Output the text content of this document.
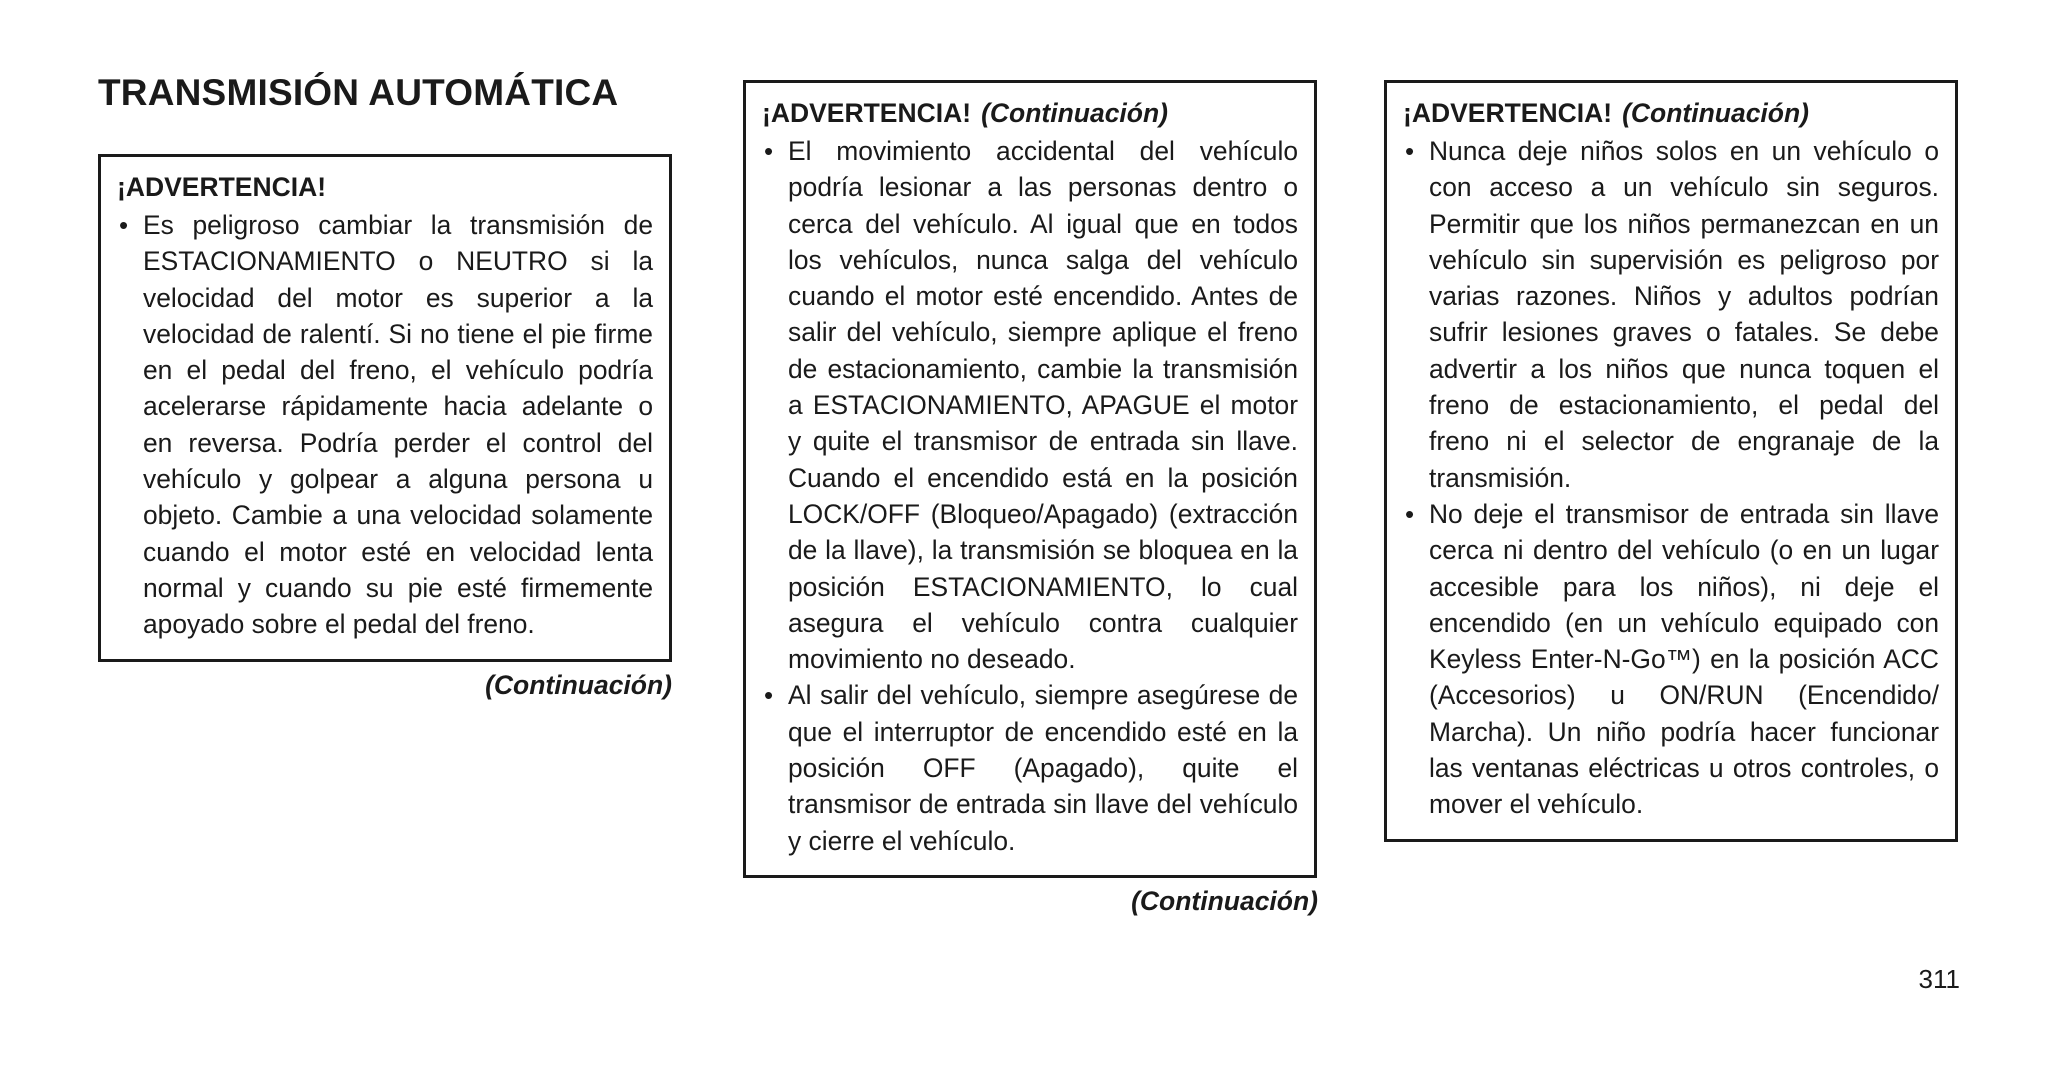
TRANSMISIÓN AUTOMÁTICA
¡ADVERTENCIA!
• Es peligroso cambiar la transmisión de ESTACIONAMIENTO o NEUTRO si la velocidad del motor es superior a la velocidad de ralentí. Si no tiene el pie firme en el pedal del freno, el vehículo podría acelerarse rápidamente hacia adelante o en reversa. Podría perder el control del vehículo y golpear a alguna persona u objeto. Cambie a una velocidad solamente cuando el motor esté en velocidad lenta normal y cuando su pie esté firmemente apoyado sobre el pedal del freno.
(Continuación)
¡ADVERTENCIA! (Continuación)
• El movimiento accidental del vehículo podría lesionar a las personas dentro o cerca del vehículo. Al igual que en todos los vehículos, nunca salga del vehículo cuando el motor esté encendido. Antes de salir del vehículo, siempre aplique el freno de estacionamiento, cambie la transmisión a ESTACIONAMIENTO, APAGUE el motor y quite el transmisor de entrada sin llave. Cuando el encendido está en la posición LOCK/OFF (Bloqueo/Apagado) (extracción de la llave), la transmisión se bloquea en la posición ESTACIONAMIENTO, lo cual asegura el vehículo contra cualquier movimiento no deseado.
• Al salir del vehículo, siempre asegúrese de que el interruptor de encendido esté en la posición OFF (Apagado), quite el transmisor de entrada sin llave del vehículo y cierre el vehículo.
(Continuación)
¡ADVERTENCIA! (Continuación)
• Nunca deje niños solos en un vehículo o con acceso a un vehículo sin seguros. Permitir que los niños permanezcan en un vehículo sin supervisión es peligroso por varias razones. Niños y adultos podrían sufrir lesiones graves o fatales. Se debe advertir a los niños que nunca toquen el freno de estacionamiento, el pedal del freno ni el selector de engranaje de la transmisión.
• No deje el transmisor de entrada sin llave cerca ni dentro del vehículo (o en un lugar accesible para los niños), ni deje el encendido (en un vehículo equipado con Keyless Enter-N-Go™) en la posición ACC (Accesorios) u ON/RUN (Encendido/ Marcha). Un niño podría hacer funcionar las ventanas eléctricas u otros controles, o mover el vehículo.
311
